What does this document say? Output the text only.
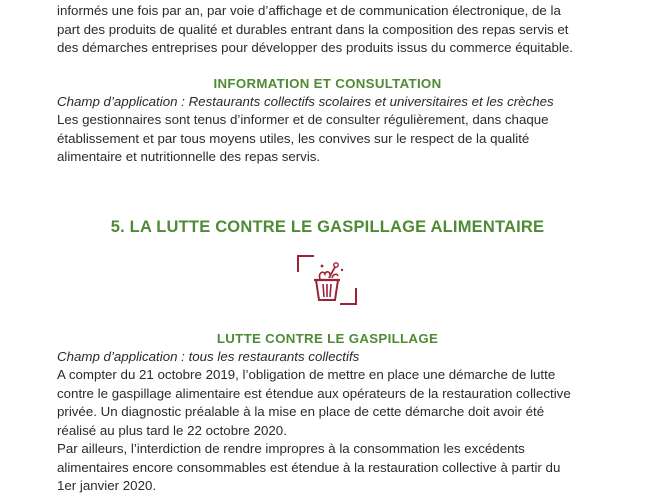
informés une fois par an, par voie d’affichage et de communication électronique, de la
part des produits de qualité et durables entrant dans la composition des repas servis et
des démarches entreprises pour développer des produits issus du commerce équitable.
INFORMATION ET CONSULTATION
Champ d’application : Restaurants collectifs scolaires et universitaires et les crèches
Les gestionnaires sont tenus d’informer et de consulter régulièrement, dans chaque
établissement et par tous moyens utiles, les convives sur le respect de la qualité
alimentaire et nutritionnelle des repas servis.
5. LA LUTTE CONTRE LE GASPILLAGE ALIMENTAIRE
LUTTE CONTRE LE GASPILLAGE
Champ d’application : tous les restaurants collectifs
A compter du 21 octobre 2019, l’obligation de mettre en place une démarche de lutte
contre le gaspillage alimentaire est étendue aux opérateurs de la restauration collective
privée. Un diagnostic préalable à la mise en place de cette démarche doit avoir été
réalisé au plus tard le 22 octobre 2020.
Par ailleurs, l’interdiction de rendre impropres à la consommation les excédents
alimentaires encore consommables est étendue à la restauration collective à partir du
1er janvier 2020.
